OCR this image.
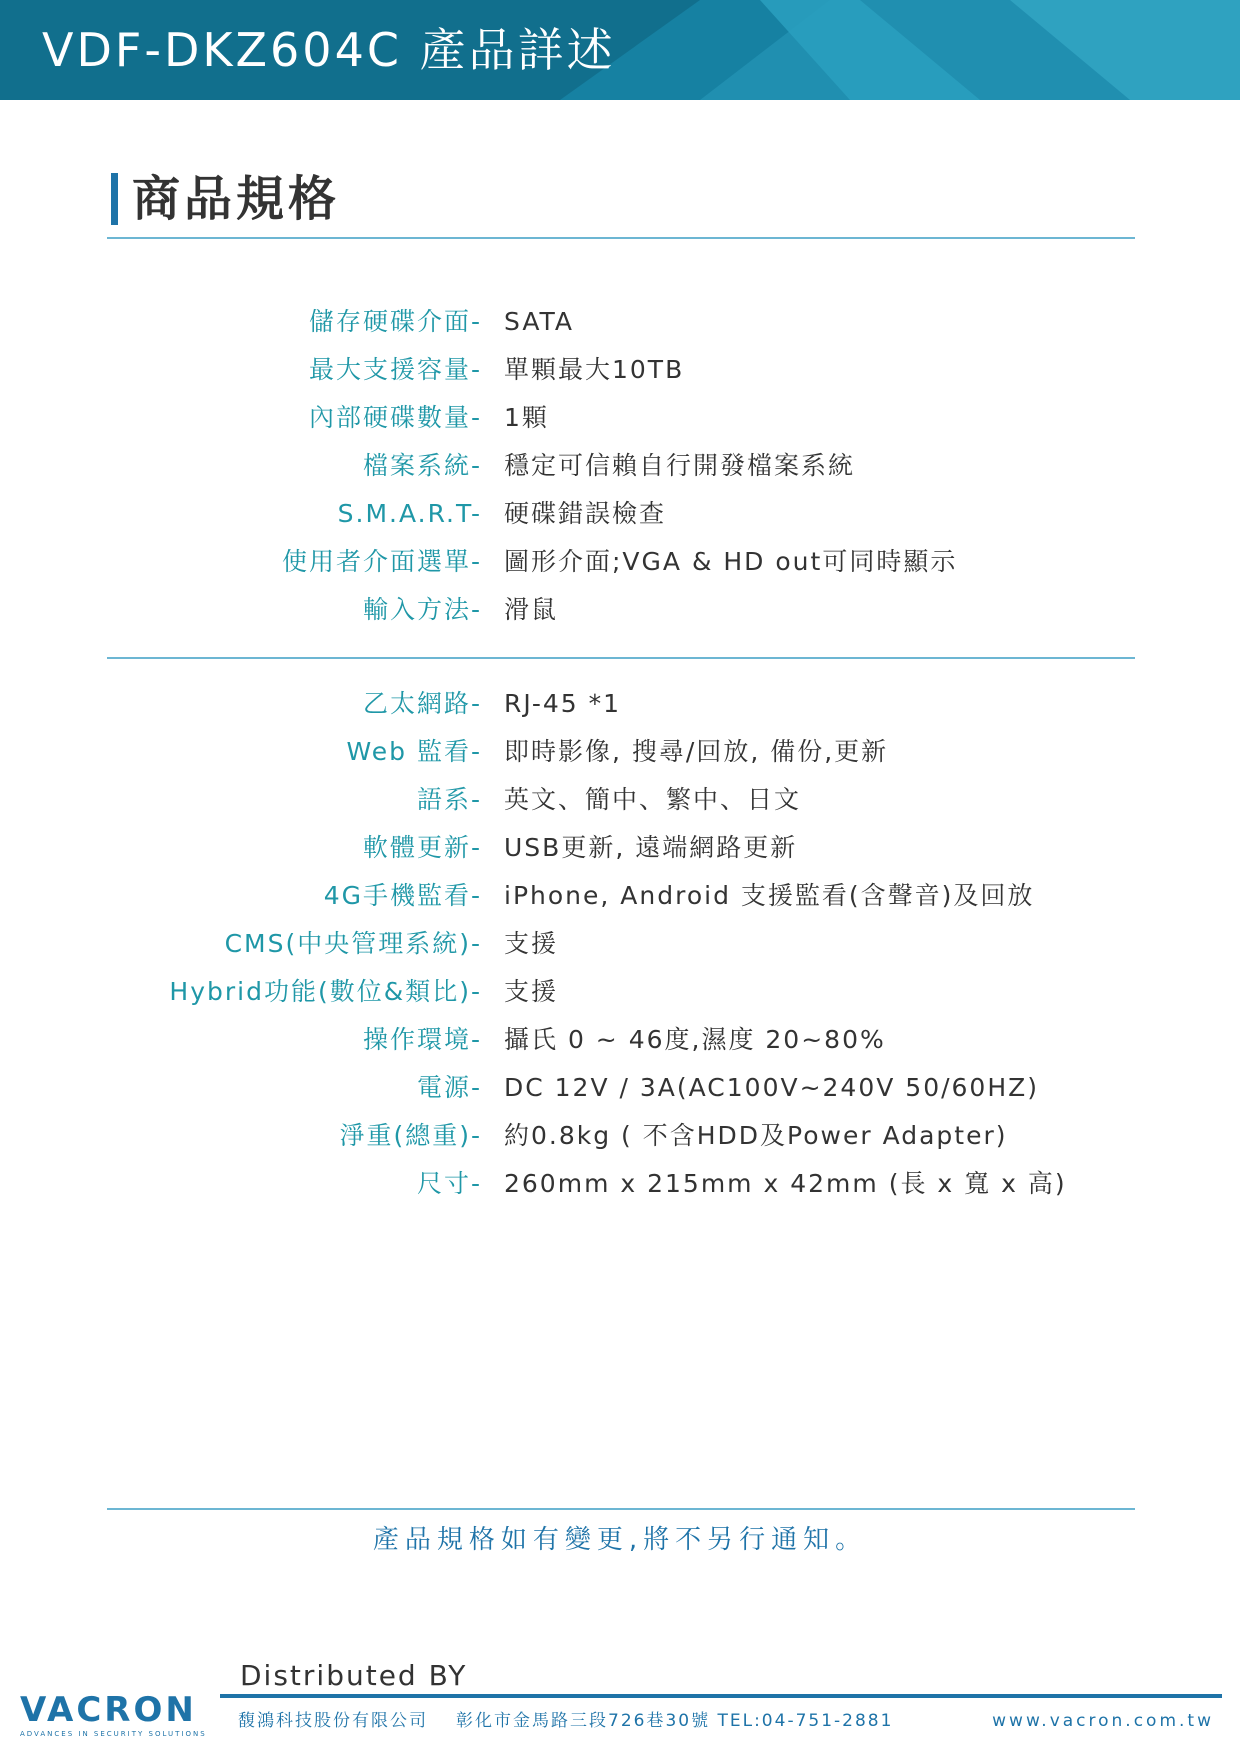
VDF-DKZ604C 產品詳述
商品規格
儲存硬碟介面- SATA
最大支援容量- 單顆最大10TB
內部硬碟數量- 1顆
檔案系統- 穩定可信賴自行開發檔案系統
S.M.A.R.T- 硬碟錯誤檢查
使用者介面選單- 圖形介面;VGA & HD out可同時顯示
輸入方法- 滑鼠
乙太網路- RJ-45 *1
Web 監看- 即時影像, 搜尋/回放, 備份,更新
語系- 英文、簡中、繁中、日文
軟體更新- USB更新, 遠端網路更新
4G手機監看- iPhone, Android 支援監看(含聲音)及回放
CMS(中央管理系統)- 支援
Hybrid功能(數位&類比)- 支援
操作環境- 攝氏 0 ~ 46度,濕度 20~80%
電源- DC 12V / 3A(AC100V~240V 50/60HZ)
淨重(總重)- 約0.8kg ( 不含HDD及Power Adapter)
尺寸- 260mm x 215mm x 42mm (長 x 寬 x 高)
產品規格如有變更,將不另行通知。
Distributed BY
VACRON
ADVANCES IN SECURITY SOLUTIONS
馥鴻科技股份有限公司 彰化市金馬路三段726巷30號 TEL:04-751-2881	www.vacron.com.tw
